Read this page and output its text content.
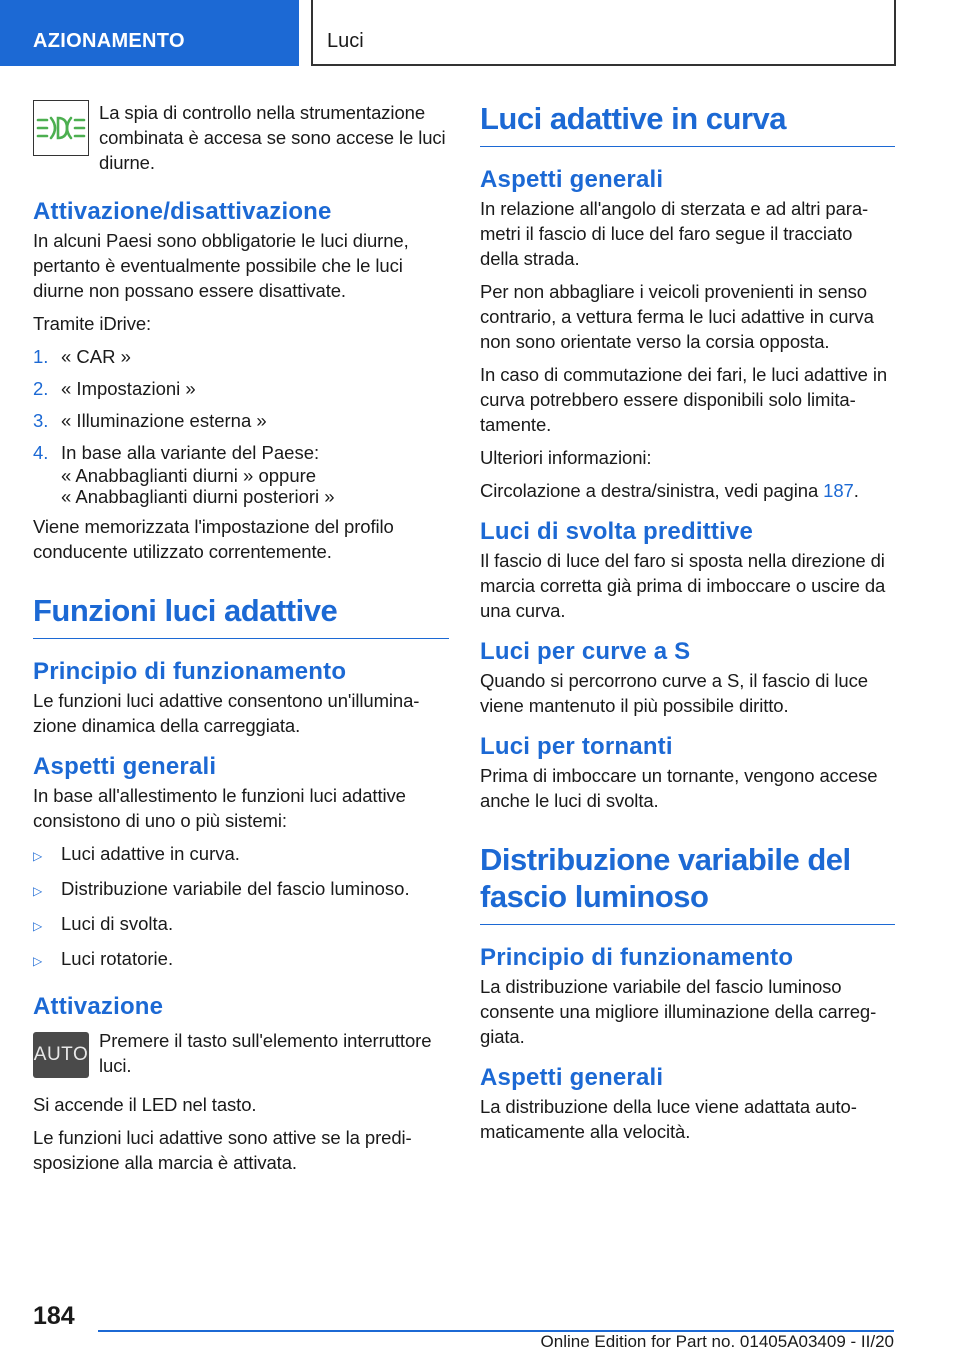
AZIONAMENTO	Luci

La spia di controllo nella strumentazione combinata è accesa se sono accese le luci diurne.

Attivazione/disattivazione

In alcuni Paesi sono obbligatorie le luci diurne, pertanto è eventualmente possibile che le luci diurne non possano essere disattivate.

Tramite iDrive:

1. « CAR »
2. « Impostazioni »
3. « Illuminazione esterna »
4. In base alla variante del Paese:
« Anabbaglianti diurni » oppure
« Anabbaglianti diurni posteriori »

Viene memorizzata l'impostazione del profilo conducente utilizzato correntemente.

Funzioni luci adattive
Principio di funzionamento

Le funzioni luci adattive consentono un'illuminazione dinamica della carreggiata.

Aspetti generali

In base all'allestimento le funzioni luci adattive consistono di uno o più sistemi:

▷	Luci adattive in curva.
▷	Distribuzione variabile del fascio luminoso.
▷	Luci di svolta.
▷	Luci rotatorie.
Attivazione
AUTO

Premere il tasto sull'elemento interruttore luci.

Si accende il LED nel tasto.

Le funzioni luci adattive sono attive se la predisposizione alla marcia è attivata.

Luci adattive in curva
Aspetti generali

In relazione all'angolo di sterzata e ad altri parametri il fascio di luce del faro segue il tracciato della strada.

Per non abbagliare i veicoli provenienti in senso contrario, a vettura ferma le luci adattive in curva non sono orientate verso la corsia opposta.

In caso di commutazione dei fari, le luci adattive in curva potrebbero essere disponibili solo limitatamente.

Ulteriori informazioni:

Circolazione a destra/sinistra, vedi pagina 187.

Luci di svolta predittive

Il fascio di luce del faro si sposta nella direzione di marcia corretta già prima di imboccare o uscire da una curva.

Luci per curve a S

Quando si percorrono curve a S, il fascio di luce viene mantenuto il più possibile diritto.

Luci per tornanti

Prima di imboccare un tornante, vengono accese anche le luci di svolta.

Distribuzione variabile del fascio luminoso
Principio di funzionamento

La distribuzione variabile del fascio luminoso consente una migliore illuminazione della carreggiata.

Aspetti generali

La distribuzione della luce viene adattata automaticamente alla velocità.

184
Online Edition for Part no. 01405A03409 - II/20
